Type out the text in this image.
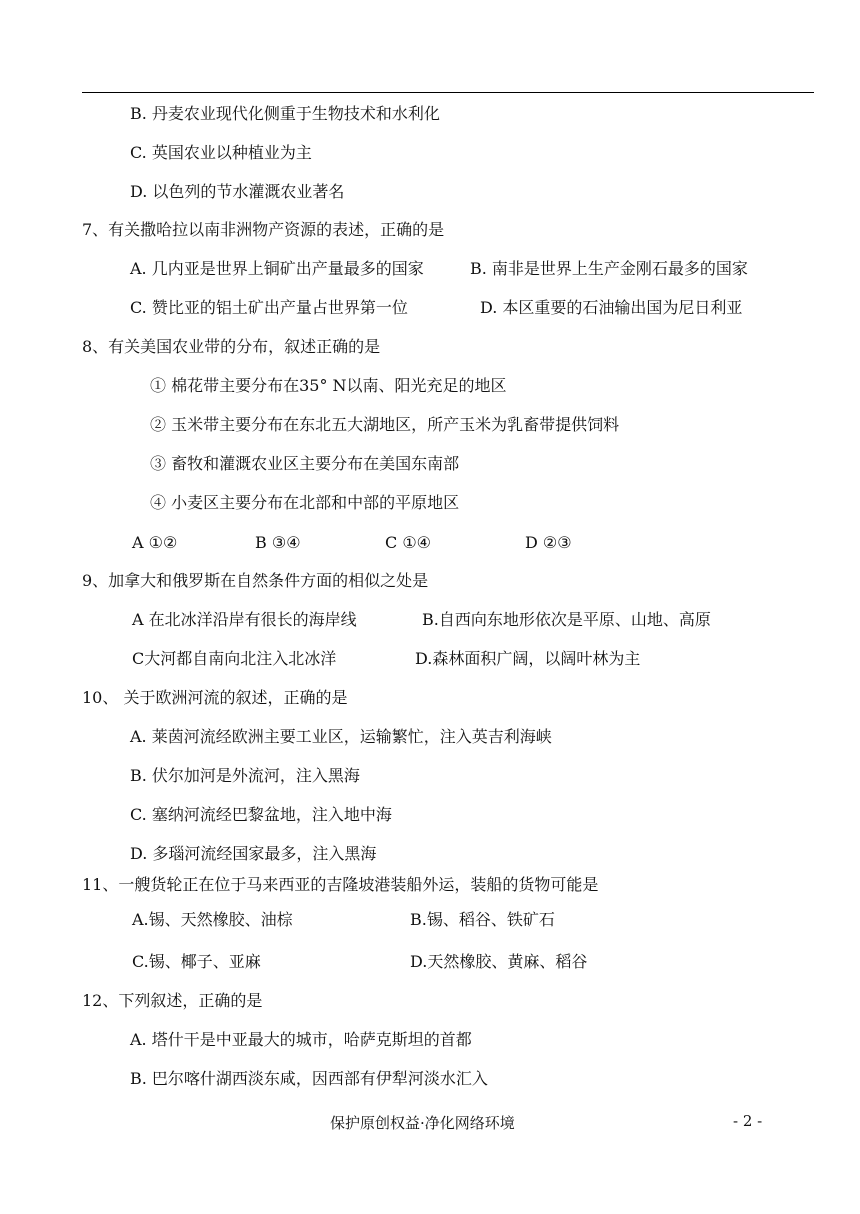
B. 丹麦农业现代化侧重于生物技术和水利化
C. 英国农业以种植业为主
D. 以色列的节水灌溉农业著名
7、有关撒哈拉以南非洲物产资源的表述，正确的是
A. 几内亚是世界上铜矿出产量最多的国家	B. 南非是世界上生产金刚石最多的国家
C. 赞比亚的铝土矿出产量占世界第一位	D. 本区重要的石油输出国为尼日利亚
8、有关美国农业带的分布，叙述正确的是
① 棉花带主要分布在35° N以南、阳光充足的地区
② 玉米带主要分布在东北五大湖地区，所产玉米为乳畜带提供饲料
③ 畜牧和灌溉农业区主要分布在美国东南部
④ 小麦区主要分布在北部和中部的平原地区
A ①②	B ③④	C ①④	D ②③
9、加拿大和俄罗斯在自然条件方面的相似之处是
A 在北冰洋沿岸有很长的海岸线	B.自西向东地形依次是平原、山地、高原
C大河都自南向北注入北冰洋	D.森林面积广阔，以阔叶林为主
10、 关于欧洲河流的叙述，正确的是
A. 莱茵河流经欧洲主要工业区，运输繁忙，注入英吉利海峡
B. 伏尔加河是外流河，注入黑海
C. 塞纳河流经巴黎盆地，注入地中海
D. 多瑙河流经国家最多，注入黑海
11、一艘货轮正在位于马来西亚的吉隆坡港装船外运，装船的货物可能是
A.锡、天然橡胶、油棕	B.锡、稻谷、铁矿石
C.锡、椰子、亚麻	D.天然橡胶、黄麻、稻谷
12、下列叙述，正确的是
A. 塔什干是中亚最大的城市，哈萨克斯坦的首都
B. 巴尔喀什湖西淡东咸，因西部有伊犁河淡水汇入
保护原创权益·净化网络环境	- 2 -
